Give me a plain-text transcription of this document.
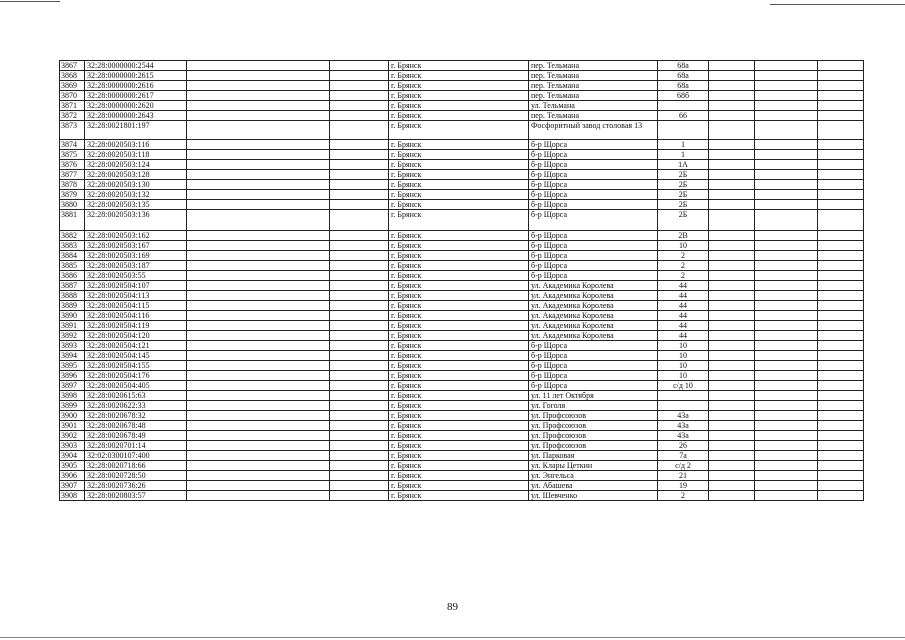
3867	32:28:0000000:2544			г. Брянск	пер. Тельмана	68а			
3868	32:28:0000000:2615			г. Брянск	пер. Тельмана	68а			
3869	32:28:0000000:2616			г. Брянск	пер. Тельмана	68а			
3870	32:28:0000000:2617			г. Брянск	пер. Тельмана	68б			
3871	32:28:0000000:2620			г. Брянск	ул. Тельмана				
3872	32:28:0000000:2643			г. Брянск	пер. Тельмана	66			
3873	32:28:0021801:197			г. Брянск	Фосфоритный завод столовая 13				
3874	32:28:0020503:116			г. Брянск	б-р Щорса	1			
3875	32:28:0020503:118			г. Брянск	б-р Щорса	1			
3876	32:28:0020503:124			г. Брянск	б-р Щорса	1А			
3877	32:28:0020503:128			г. Брянск	б-р Щорса	2Б			
3878	32:28:0020503:130			г. Брянск	б-р Щорса	2Б			
3879	32:28:0020503:132			г. Брянск	б-р Щорса	2Б			
3880	32:28:0020503:135			г. Брянск	б-р Щорса	2Б			
3881	32:28:0020503:136			г. Брянск	б-р Щорса	2Б			
3882	32:28:0020503:162			г. Брянск	б-р Щорса	2В			
3883	32:28:0020503:167			г. Брянск	б-р Щорса	10			
3884	32:28:0020503:169			г. Брянск	б-р Щорса	2			
3885	32:28:0020503:187			г. Брянск	б-р Щорса	2			
3886	32:28:0020503:55			г. Брянск	б-р Щорса	2			
3887	32:28:0020504:107			г. Брянск	ул. Академика Королева	44			
3888	32:28:0020504:113			г. Брянск	ул. Академика Королева	44			
3889	32:28:0020504:115			г. Брянск	ул. Академика Королева	44			
3890	32:28:0020504:116			г. Брянск	ул. Академика Королева	44			
3891	32:28:0020504:119			г. Брянск	ул. Академика Королева	44			
3892	32:28:0020504:120			г. Брянск	ул. Академика Королева	44			
3893	32:28:0020504:121			г. Брянск	б-р Щорса	10			
3894	32:28:0020504:145			г. Брянск	б-р Щорса	10			
3895	32:28:0020504:155			г. Брянск	б-р Щорса	10			
3896	32:28:0020504:176			г. Брянск	б-р Щорса	10			
3897	32:28:0020504:405			г. Брянск	б-р Щорса	с/д 10			
3898	32:28:0020615:63			г. Брянск	ул. 11 лет Октября				
3899	32:28:0020622:33			г. Брянск	ул. Гоголя				
3900	32:28:0020678:32			г. Брянск	ул. Профсоюзов	43а			
3901	32:28:0020678:48			г. Брянск	ул. Профсоюзов	43а			
3902	32:28:0020678:49			г. Брянск	ул. Профсоюзов	43а			
3903	32:28:0020701:14			г. Брянск	ул. Профсоюзов	26			
3904	32:02:0300107:400			г. Брянск	ул. Парковая	7а			
3905	32:28:0020718:66			г. Брянск	ул. Клары Цеткин	с/д 2			
3906	32:28:0020728:50			г. Брянск	ул. Энгельса	21			
3907	32:28:0020736:26			г. Брянск	ул. Абашева	19			
3908	32:28:0020803:57			г. Брянск	ул. Шевченко	2			
89
